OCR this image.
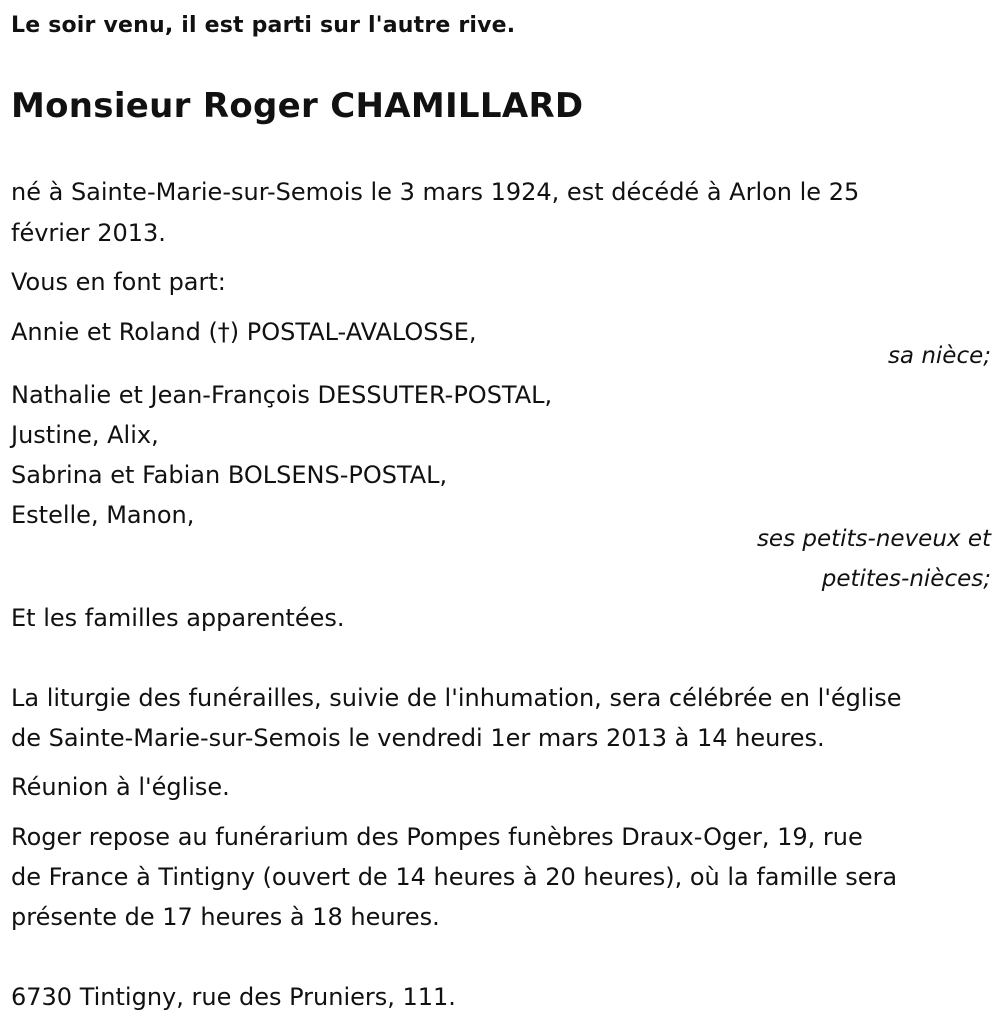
Le soir venu, il est parti sur l'autre rive.
Monsieur Roger CHAMILLARD
né à Sainte-Marie-sur-Semois le 3 mars 1924, est décédé à Arlon le 25
février 2013.
Vous en font part:
Annie et Roland (†) POSTAL-AVALOSSE,
sa nièce;
Nathalie et Jean-François DESSUTER-POSTAL,
Justine, Alix,
Sabrina et Fabian BOLSENS-POSTAL,
Estelle, Manon,
ses petits-neveux et
petites-nièces;
Et les familles apparentées.
La liturgie des funérailles, suivie de l'inhumation, sera célébrée en l'église
de Sainte-Marie-sur-Semois le vendredi 1er mars 2013 à 14 heures.
Réunion à l'église.
Roger repose au funérarium des Pompes funèbres Draux-Oger, 19, rue
de France à Tintigny (ouvert de 14 heures à 20 heures), où la famille sera
présente de 17 heures à 18 heures.
6730 Tintigny, rue des Pruniers, 111.
